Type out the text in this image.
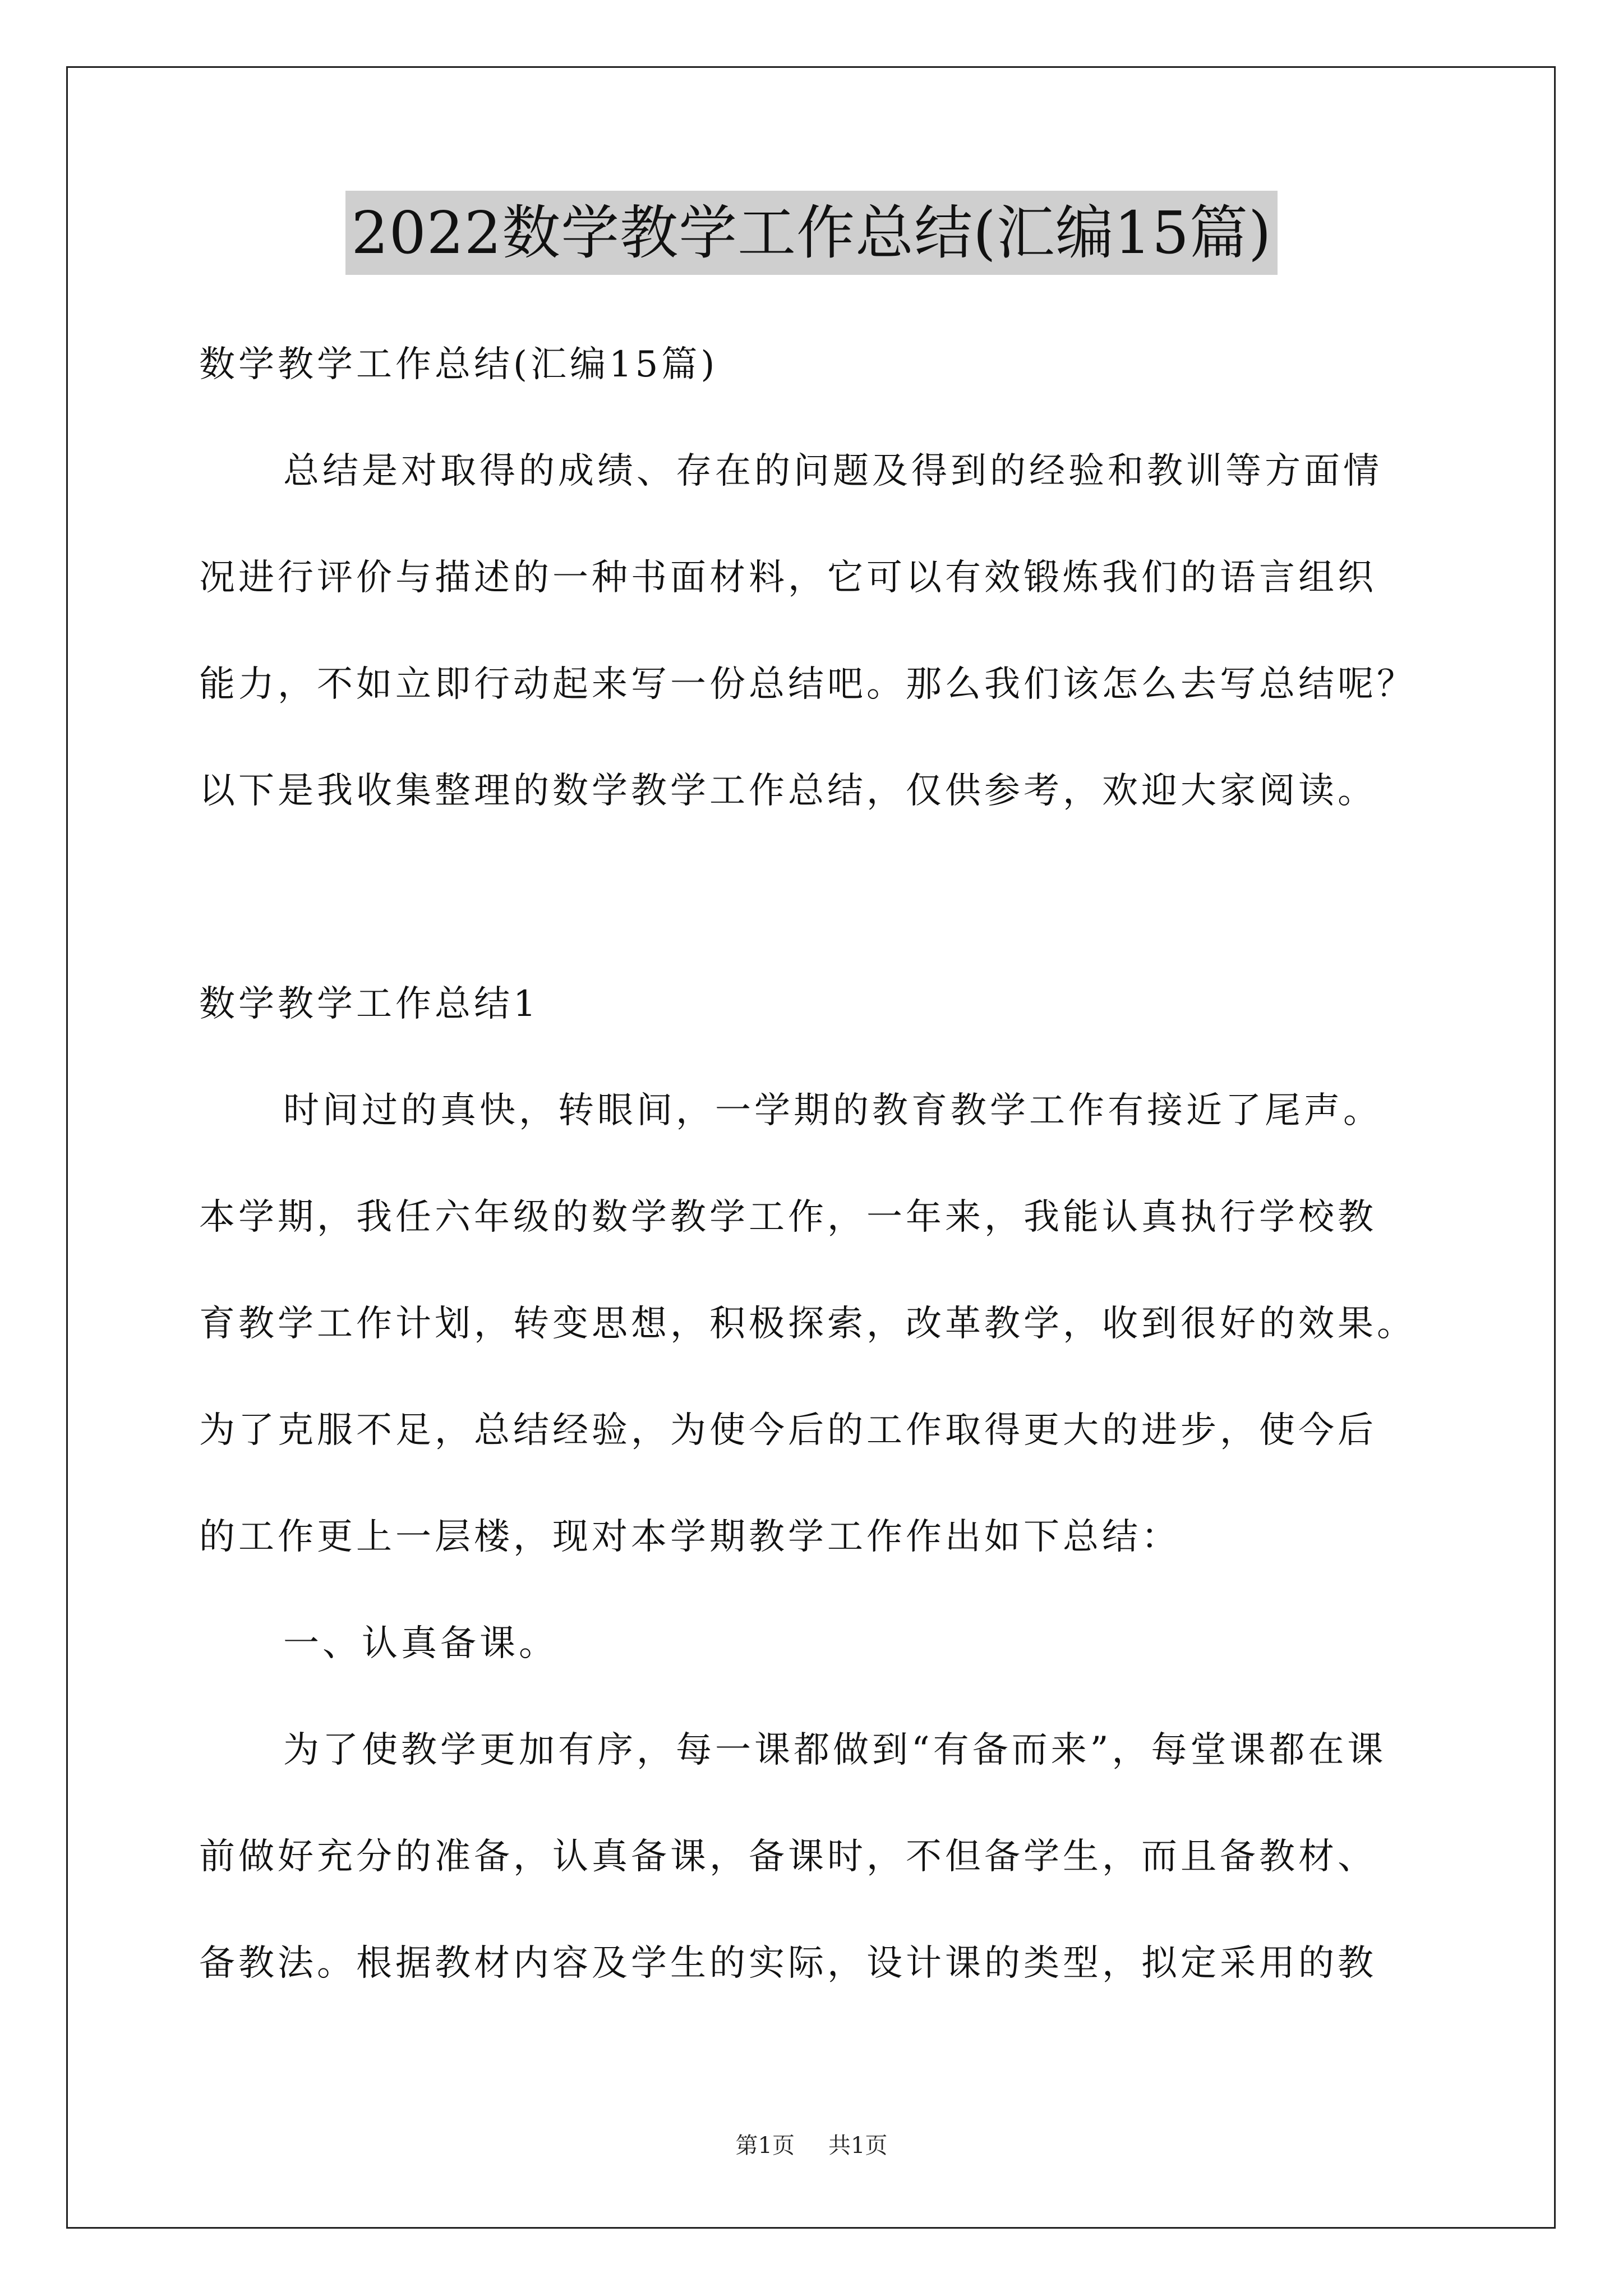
2022数学教学工作总结(汇编15篇)
数学教学工作总结(汇编15篇)
总结是对取得的成绩、存在的问题及得到的经验和教训等方面情
况进行评价与描述的一种书面材料，它可以有效锻炼我们的语言组织
能力，不如立即行动起来写一份总结吧。那么我们该怎么去写总结呢？
以下是我收集整理的数学教学工作总结，仅供参考，欢迎大家阅读。
数学教学工作总结1
时间过的真快，转眼间，一学期的教育教学工作有接近了尾声。
本学期，我任六年级的数学教学工作，一年来，我能认真执行学校教
育教学工作计划，转变思想，积极探索，改革教学，收到很好的效果。
为了克服不足，总结经验，为使今后的工作取得更大的进步，使今后
的工作更上一层楼，现对本学期教学工作作出如下总结：
一、认真备课。
为了使教学更加有序，每一课都做到“有备而来”，每堂课都在课
前做好充分的准备，认真备课，备课时，不但备学生，而且备教材、
备教法。根据教材内容及学生的实际，设计课的类型，拟定采用的教
第1页 共1页
